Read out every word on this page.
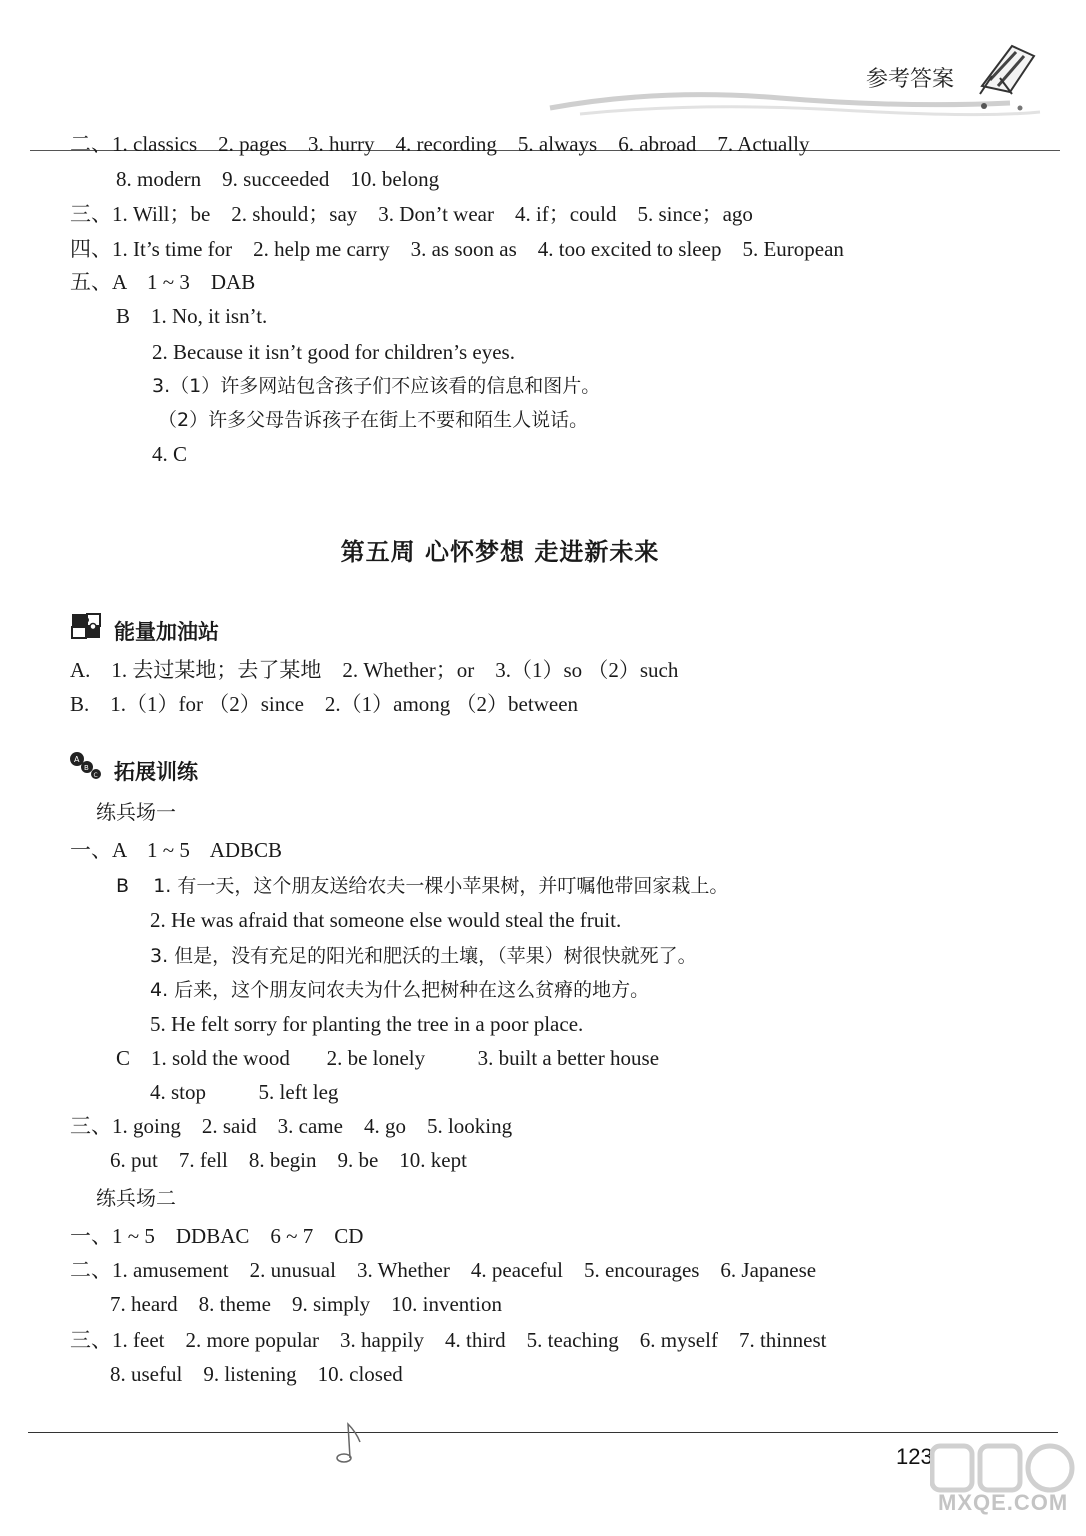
参考答案
二、1. classics    2. pages    3. hurry    4. recording    5. always    6. abroad    7. Actually
8. modern    9. succeeded    10. belong
三、1. Will；be    2. should；say    3. Don’t wear    4. if；could    5. since；ago
四、1. It’s time for    2. help me carry    3. as soon as    4. too excited to sleep    5. European
五、A    1 ~ 3    DAB
B    1. No, it isn’t.
2. Because it isn’t good for children’s eyes.
3.（1）许多网站包含孩子们不应该看的信息和图片。
（2）许多父母告诉孩子在街上不要和陌生人说话。
4. C
第五周 心怀梦想 走进新未来
能量加油站
A.    1. 去过某地；去了某地    2. Whether；or    3.（1）so （2）such
B.    1.（1）for （2）since    2.（1）among （2）between
A
B
C 拓展训练
练兵场一
一、A    1 ~ 5    ADBCB
B    1. 有一天，这个朋友送给农夫一棵小苹果树，并叮嘱他带回家栽上。
2. He was afraid that someone else would steal the fruit.
3. 但是，没有充足的阳光和肥沃的土壤，（苹果）树很快就死了。
4. 后来，这个朋友问农夫为什么把树种在这么贫瘠的地方。
5. He felt sorry for planting the tree in a poor place.
C    1. sold the wood       2. be lonely          3. built a better house
4. stop          5. left leg
三、1. going    2. said    3. came    4. go    5. looking
6. put    7. fell    8. begin    9. be    10. kept
练兵场二
一、1 ~ 5    DDBAC    6 ~ 7    CD
二、1. amusement    2. unusual    3. Whether    4. peaceful    5. encourages    6. Japanese
7. heard    8. theme    9. simply    10. invention
三、1. feet    2. more popular    3. happily    4. third    5. teaching    6. myself    7. thinnest
8. useful    9. listening    10. closed
123
MXQE.COM
